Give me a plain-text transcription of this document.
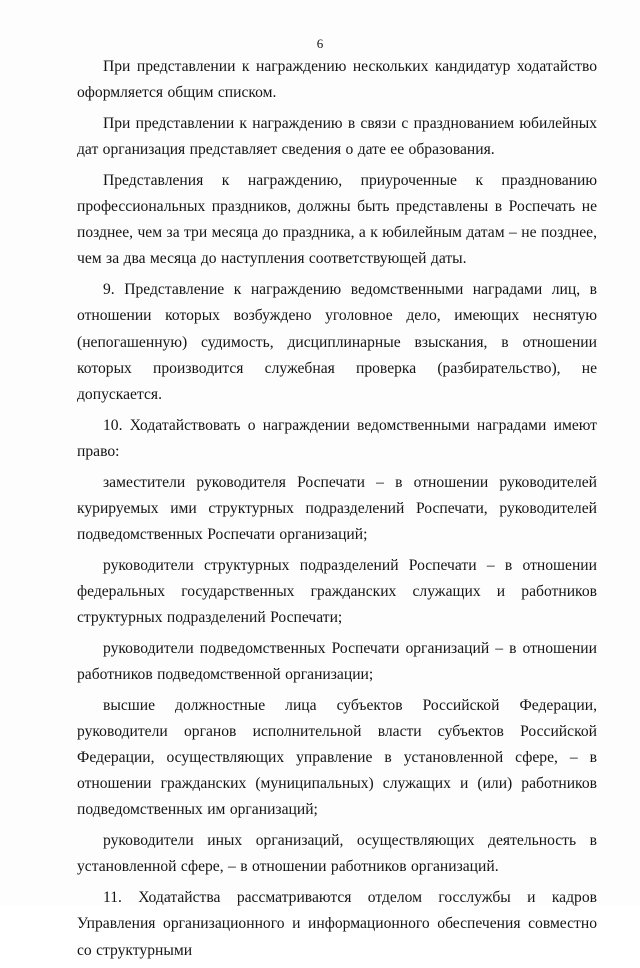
6

При представлении к награждению нескольких кандидатур ходатайство оформляется общим списком.

При представлении к награждению в связи с празднованием юбилейных дат организация представляет сведения о дате ее образования.

Представления к награждению, приуроченные к празднованию профессиональных праздников, должны быть представлены в Роспечать не позднее, чем за три месяца до праздника, а к юбилейным датам – не позднее, чем за два месяца до наступления соответствующей даты.

9. Представление к награждению ведомственными наградами лиц, в отношении которых возбуждено уголовное дело, имеющих неснятую (непогашенную) судимость, дисциплинарные взыскания, в отношении которых производится служебная проверка (разбирательство), не допускается.

10. Ходатайствовать о награждении ведомственными наградами имеют право:

заместители руководителя Роспечати – в отношении руководителей курируемых ими структурных подразделений Роспечати, руководителей подведомственных Роспечати организаций;

руководители структурных подразделений Роспечати – в отношении федеральных государственных гражданских служащих и работников структурных подразделений Роспечати;

руководители подведомственных Роспечати организаций – в отношении работников подведомственной организации;

высшие должностные лица субъектов Российской Федерации, руководители органов исполнительной власти субъектов Российской Федерации, осуществляющих управление в установленной сфере, – в отношении гражданских (муниципальных) служащих и (или) работников подведомственных им организаций;

руководители иных организаций, осуществляющих деятельность в установленной сфере, – в отношении работников организаций.

11. Ходатайства рассматриваются отделом госслужбы и кадров Управления организационного и информационного обеспечения совместно со структурными
